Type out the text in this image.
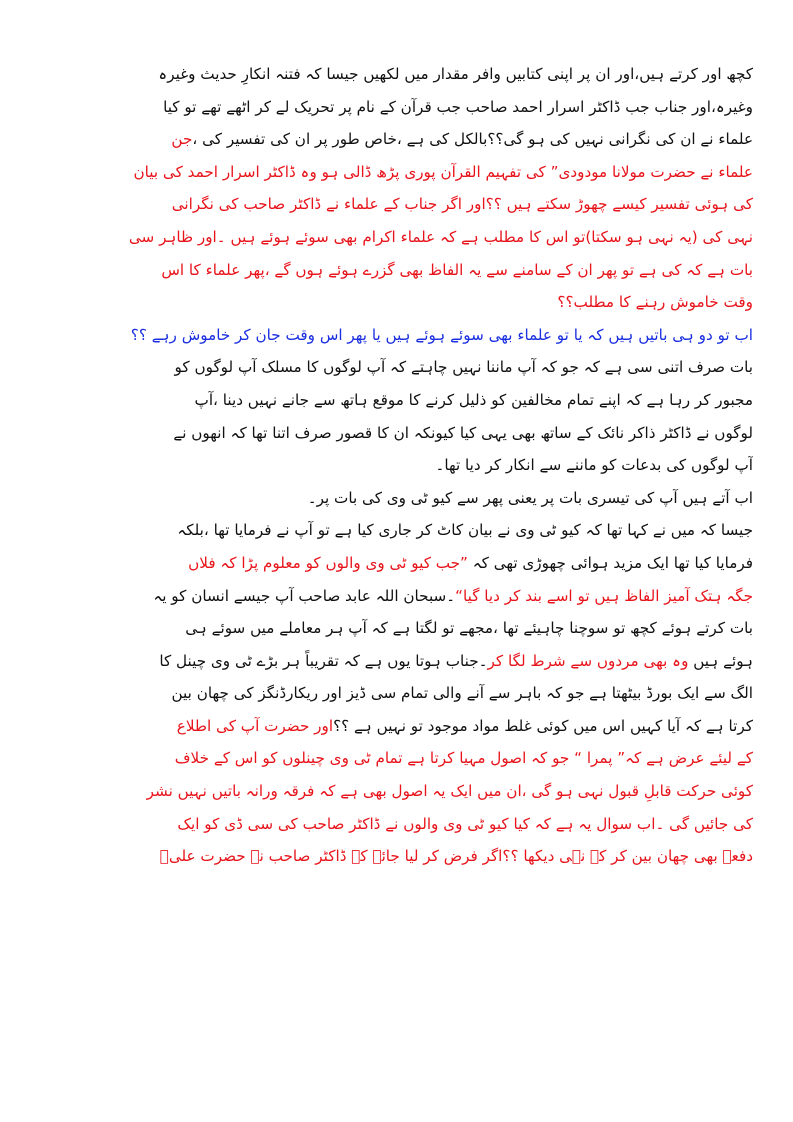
کچھ اور کرتے ہیں،اور ان پر اپنی کتابیں وافر مقدار میں لکھیں جیسا کہ فتنہ انکارِ حدیث وغیرہ
وغیرہ،اور جناب جب ڈاکٹر اسرار احمد صاحب جب قرآن کے نام پر تحریک لے کر اٹھے تھے تو کیا
علماء نے ان کی نگرانی نہیں کی ہو گی؟؟بالکل کی ہے ،خاص طور پر ان کی تفسیر کی ،جن
علماء نے حضرت مولانا مودودی” کی تفہیم القرآن پوری پڑھ ڈالی ہو وہ ڈاکٹر اسرار احمد کی بیان
کی ہوئی تفسیر کیسے چھوڑ سکتے ہیں ؟؟اور اگر جناب کے علماء نے ڈاکٹر صاحب کی نگرانی
نہی کی (یہ نہی ہو سکتا)تو اس کا مطلب ہے کہ علماء اکرام بھی سوئے ہوئے ہیں ۔اور ظاہر سی
بات ہے کہ کی ہے تو پھر ان کے سامنے سے یہ الفاظ بھی گزرے ہوئے ہوں گے ،پھر علماء کا اس
وقت خاموش رہنے کا مطلب؟؟
اب تو دو ہی باتیں ہیں کہ یا تو علماء بھی سوئے ہوئے ہیں یا پھر اس وقت جان کر خاموش رہے ؟؟
بات صرف اتنی سی ہے کہ جو کہ آپ ماننا نہیں چاہتے کہ آپ لوگوں کا مسلک آپ لوگوں کو
مجبور کر رہا ہے کہ اپنے تمام مخالفین کو ذلیل کرنے کا موقع ہاتھ سے جانے نہیں دینا ،آپ
لوگوں نے ڈاکٹر ذاکر نائک کے ساتھ بھی یہی کیا کیونکہ ان کا قصور صرف اتنا تھا کہ انھوں نے
آپ لوگوں کی بدعات کو ماننے سے انکار کر دیا تھا۔
اب آتے ہیں آپ کی تیسری بات پر یعنی پھر سے کیو ٹی وی کی بات پر۔
جیسا کہ میں نے کہا تھا کہ کیو ٹی وی نے بیان کاٹ کر جاری کیا ہے تو آپ نے فرمایا تھا ،بلکہ
فرمایا کیا تھا ایک مزید ہوائی چھوڑی تھی کہ ”جب کیو ٹی وی والوں کو معلوم پڑا کہ فلاں
جگہ ہتک آمیز الفاظ ہیں تو اسے بند کر دیا گیا“۔سبحان اللہ عابد صاحب آپ جیسے انسان کو یہ
بات کرتے ہوئے کچھ تو سوچنا چاہیئے تھا ،مجھے تو لگتا ہے کہ آپ ہر معاملے میں سوئے ہی
ہوئے ہیں وہ بھی مردوں سے شرط لگا کر۔جناب ہوتا یوں ہے کہ تقریباً ہر بڑے ٹی وی چینل کا
الگ سے ایک بورڈ بیٹھتا ہے جو کہ باہر سے آنے والی تمام سی ڈیز اور ریکارڈنگز کی چھان بین
کرتا ہے کہ آیا کہیں اس میں کوئی غلط مواد موجود تو نہیں ہے ؟؟اور حضرت آپ کی اطلاع
کے لیئے عرض ہے کہ” پمرا “ جو کہ اصول مہیا کرتا ہے تمام ٹی وی چینلوں کو اس کے خلاف
کوئی حرکت قابلِ قبول نہی ہو گی ،ان میں ایک یہ اصول بھی ہے کہ فرقہ ورانہ باتیں نہیں نشر
کی جائیں گی ۔اب سوال یہ ہے کہ کیا کیو ٹی وی والوں نے ڈاکٹر صاحب کی سی ڈی کو ایک
دفعہ بھی چھان بین کر کے نہی دیکھا ؟؟اگر فرض کر لیا جائے کہ ڈاکٹر صاحب نے حضرت علیؓ
